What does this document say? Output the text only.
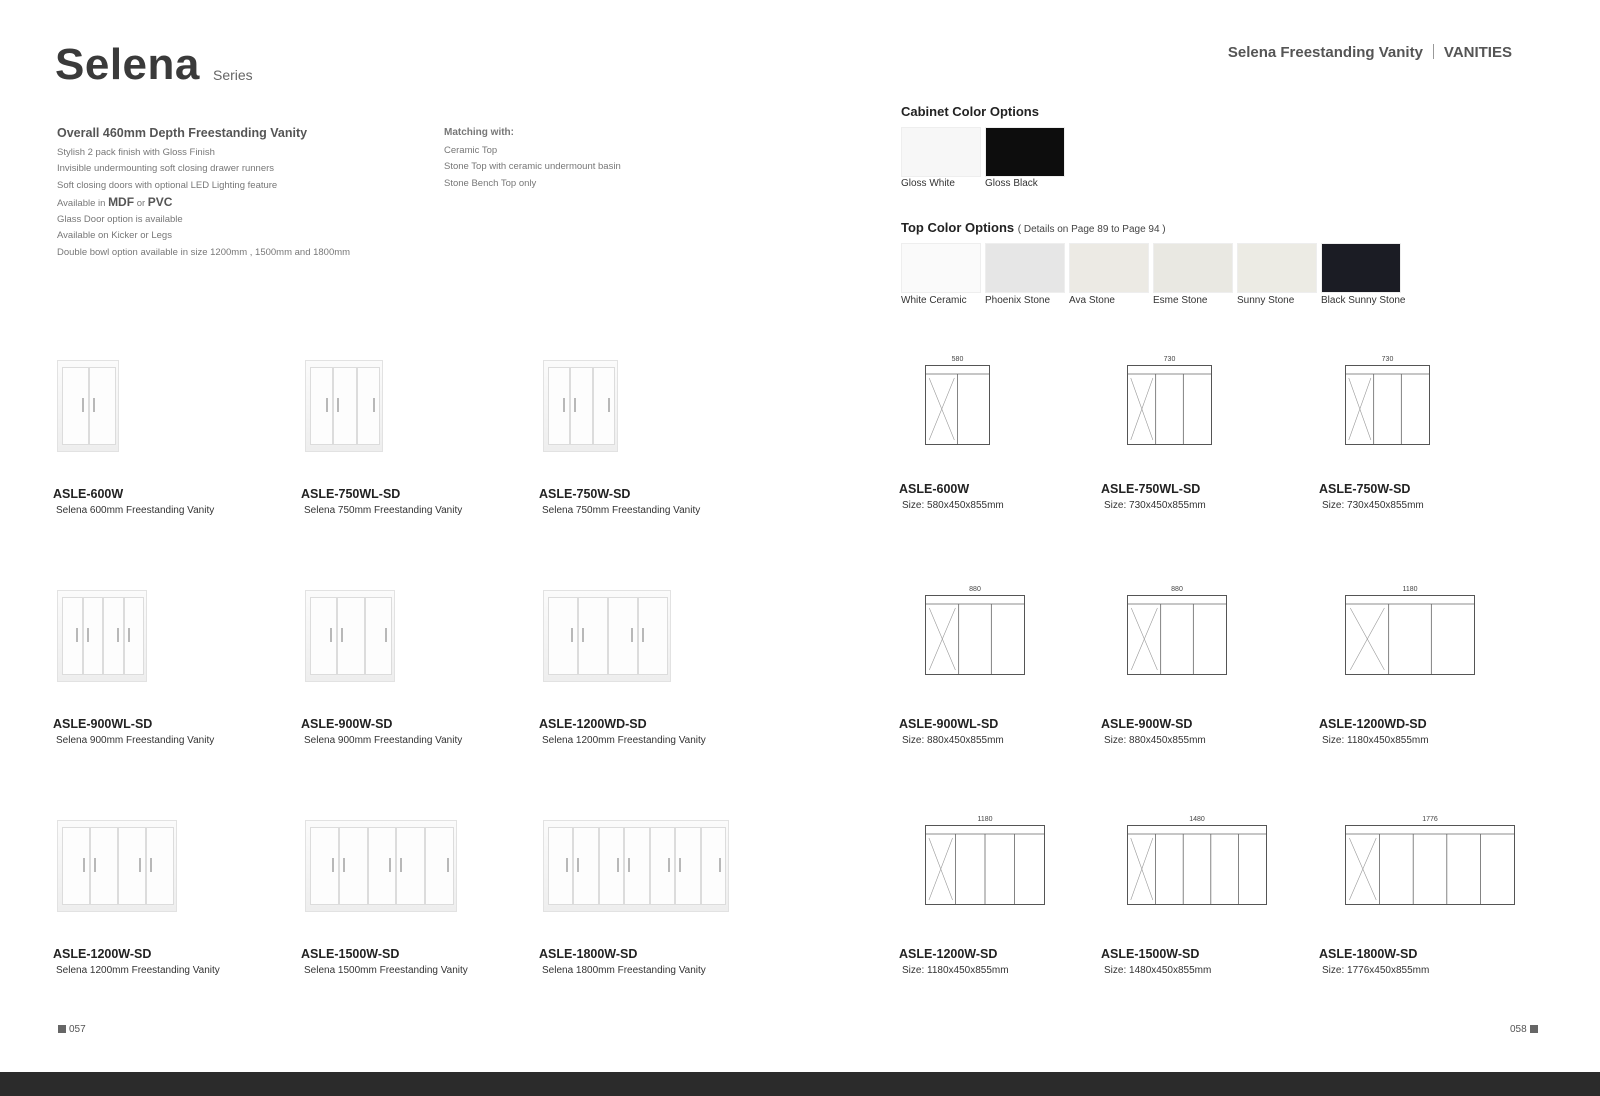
Selena Series
Selena Freestanding Vanity VANITIES
Overall 460mm Depth Freestanding Vanity
Stylish 2 pack finish with Gloss Finish
Invisible undermounting soft closing drawer runners
Soft closing doors with optional LED Lighting feature
Available in MDF or PVC
Glass Door option is available
Available on Kicker or Legs
Double bowl option available in size 1200mm , 1500mm and 1800mm
Matching with:
Ceramic Top
Stone Top with ceramic undermount basin
Stone Bench Top only
Cabinet Color Options
Gloss White	Gloss Black
Top Color Options ( Details on Page 89 to Page 94 )
White Ceramic	Phoenix Stone	Ava Stone	Esme Stone	Sunny Stone	Black Sunny Stone
ASLE-600W
Selena 600mm Freestanding Vanity
ASLE-750WL-SD
Selena 750mm Freestanding Vanity
ASLE-750W-SD
Selena 750mm Freestanding Vanity
ASLE-900WL-SD
Selena 900mm Freestanding Vanity
ASLE-900W-SD
Selena 900mm Freestanding Vanity
ASLE-1200WD-SD
Selena 1200mm Freestanding Vanity
ASLE-1200W-SD
Selena 1200mm Freestanding Vanity
ASLE-1500W-SD
Selena 1500mm Freestanding Vanity
ASLE-1800W-SD
Selena 1800mm Freestanding Vanity
580
ASLE-600W
Size: 580x450x855mm
730
ASLE-750WL-SD
Size: 730x450x855mm
730
ASLE-750W-SD
Size: 730x450x855mm
880
ASLE-900WL-SD
Size: 880x450x855mm
880
ASLE-900W-SD
Size: 880x450x855mm
1180
ASLE-1200WD-SD
Size: 1180x450x855mm
1180
ASLE-1200W-SD
Size: 1180x450x855mm
1480
ASLE-1500W-SD
Size: 1480x450x855mm
1776
ASLE-1800W-SD
Size: 1776x450x855mm
057	058
